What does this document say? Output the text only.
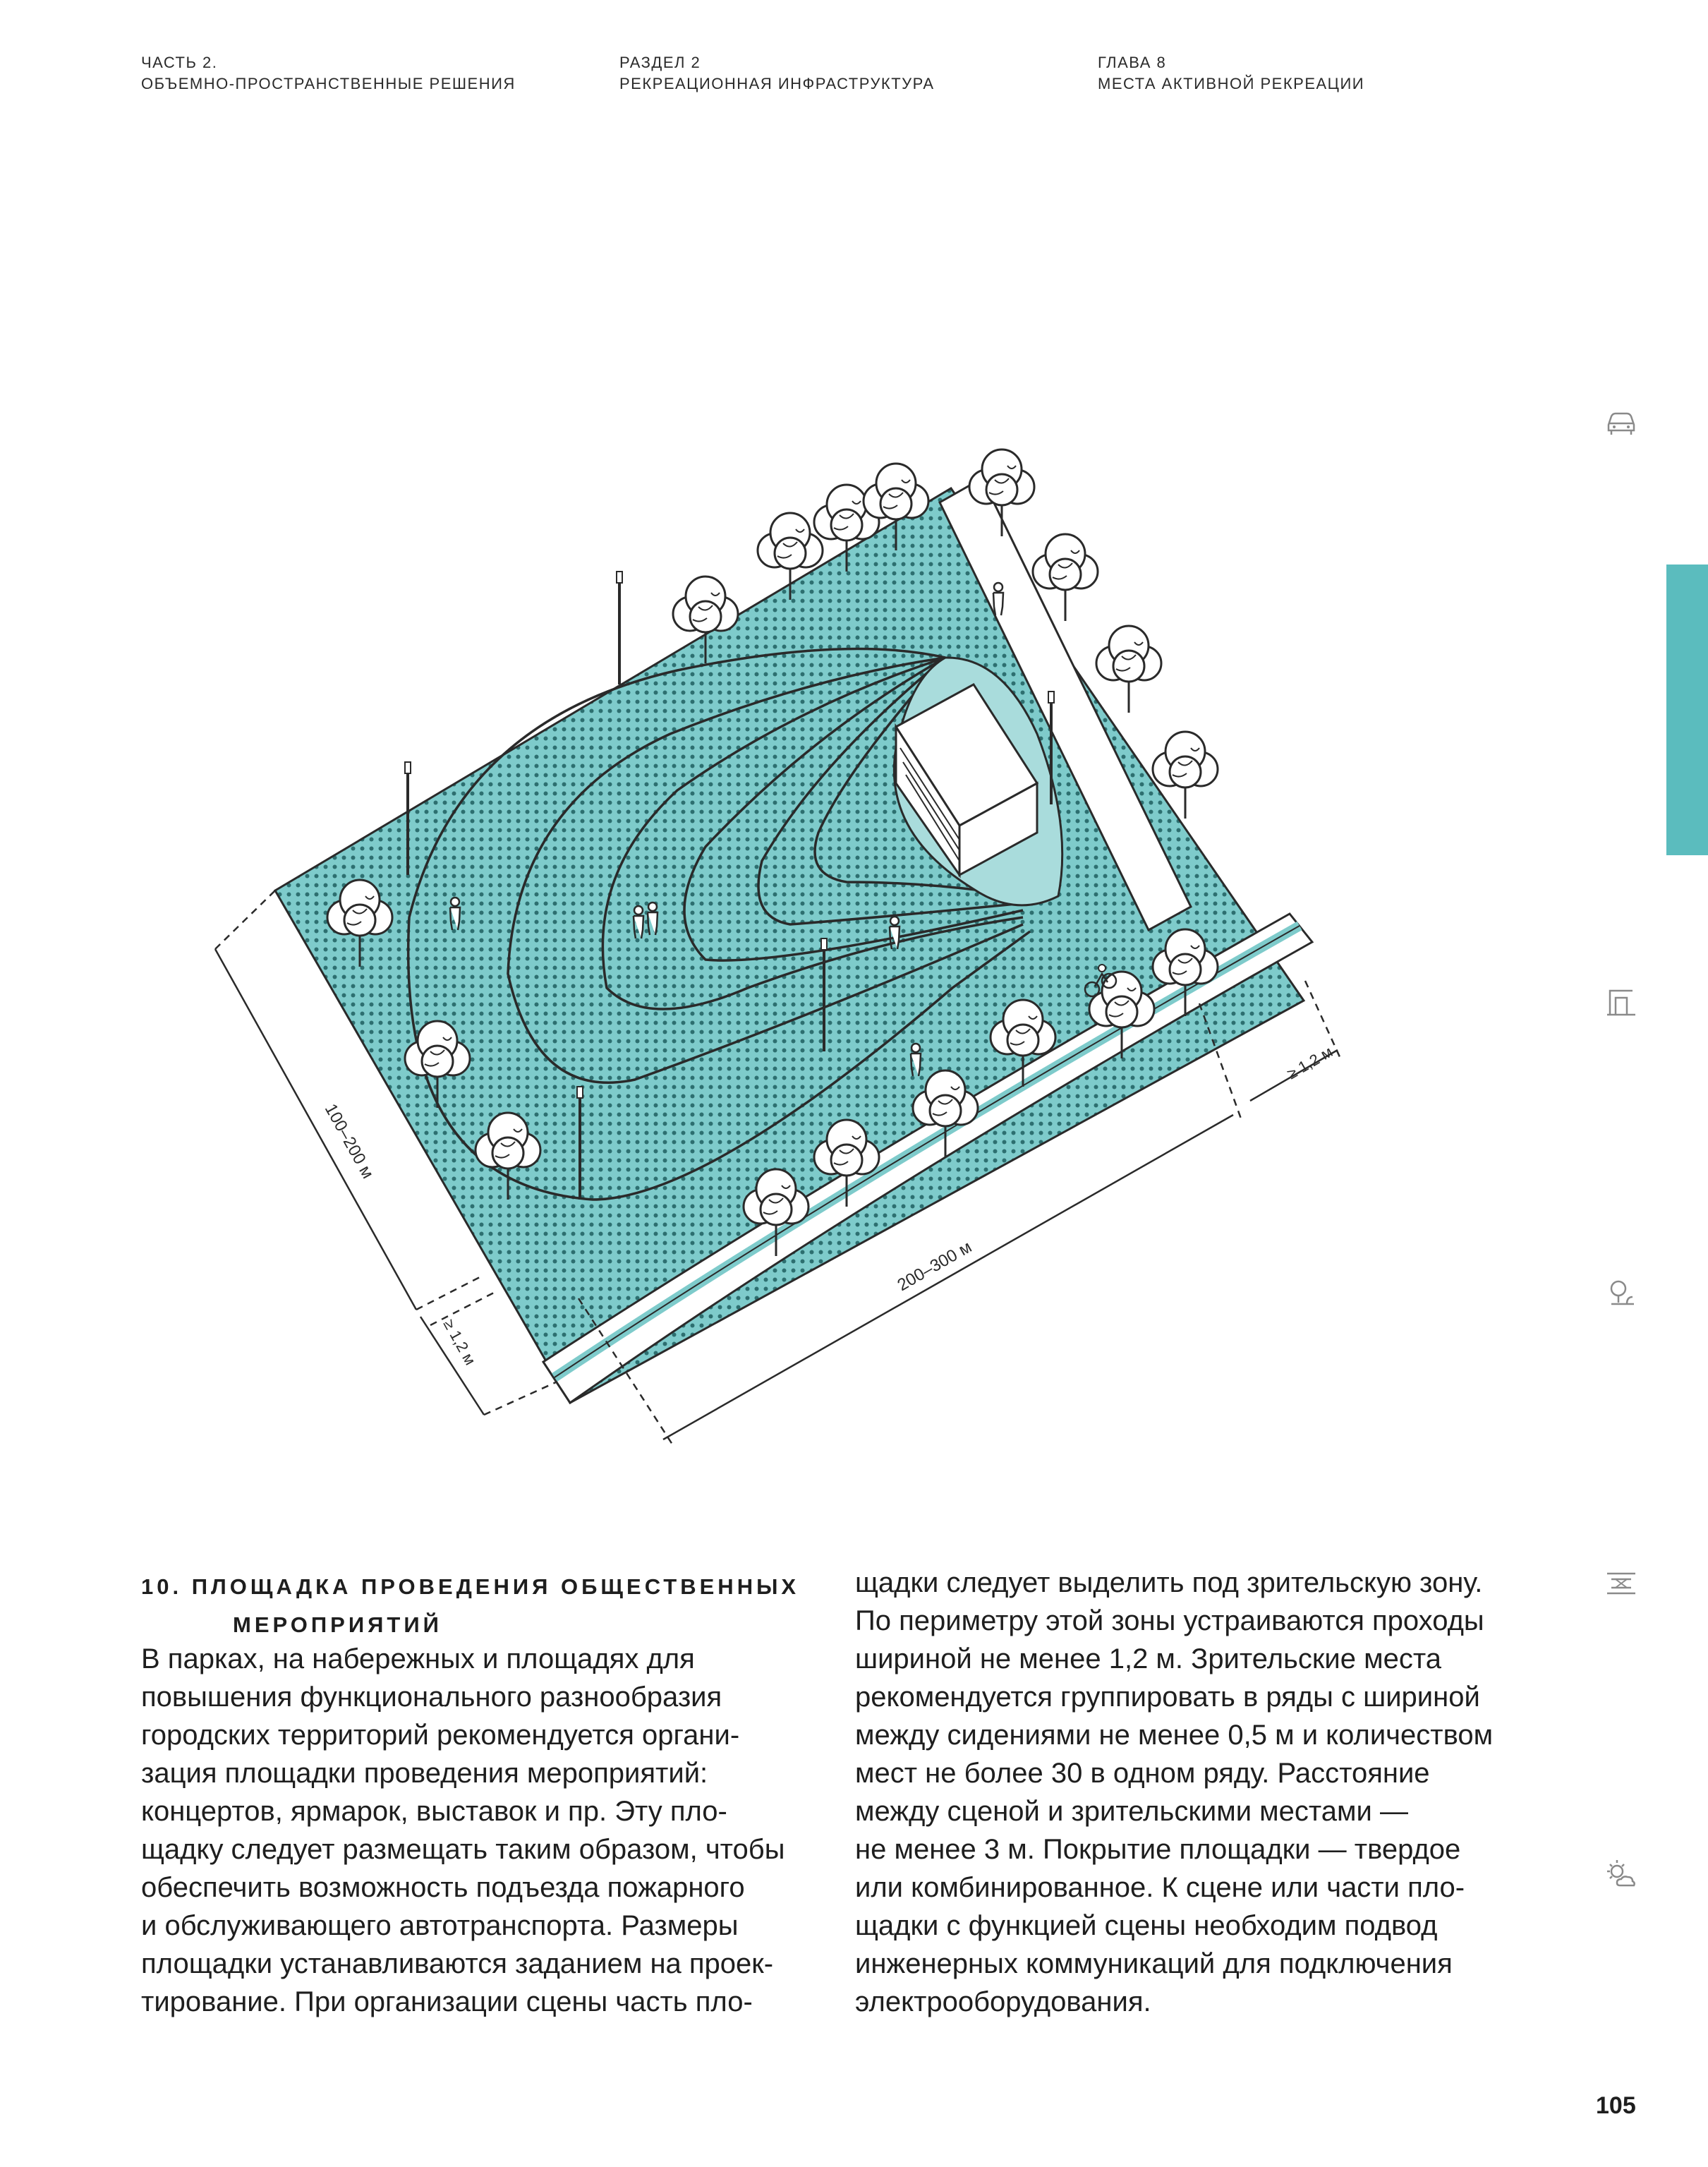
ЧАСТЬ 2.
ОБЪЕМНО-ПРОСТРАНСТВЕННЫЕ РЕШЕНИЯ
РАЗДЕЛ 2
РЕКРЕАЦИОННАЯ ИНФРАСТРУКТУРА
ГЛАВА 8
МЕСТА АКТИВНОЙ РЕКРЕАЦИИ
100–200 м
200–300 м
≥ 1,2 м
≥ 1,2 м
10. ПЛОЩАДКА ПРОВЕДЕНИЯ ОБЩЕСТВЕННЫХ
МЕРОПРИЯТИЙ
В парках, на набережных и площадях для
повышения функционального разнообразия
городских территорий рекомендуется органи-
зация площадки проведения мероприятий:
концертов, ярмарок, выставок и пр. Эту пло-
щадку следует размещать таким образом, чтобы
обеспечить возможность подъезда пожарного
и обслуживающего автотранспорта. Размеры
площадки устанавливаются заданием на проек-
тирование. При организации сцены часть пло-
щадки следует выделить под зрительскую зону.
По периметру этой зоны устраиваются проходы
шириной не менее 1,2 м. Зрительские места
рекомендуется группировать в ряды с шириной
между сидениями не менее 0,5 м и количеством
мест не более 30 в одном ряду. Расстояние
между сценой и зрительскими местами —
не менее 3 м. Покрытие площадки — твердое
или комбинированное. К сцене или части пло-
щадки с функцией сцены необходим подвод
инженерных коммуникаций для подключения
электрооборудования.
105
